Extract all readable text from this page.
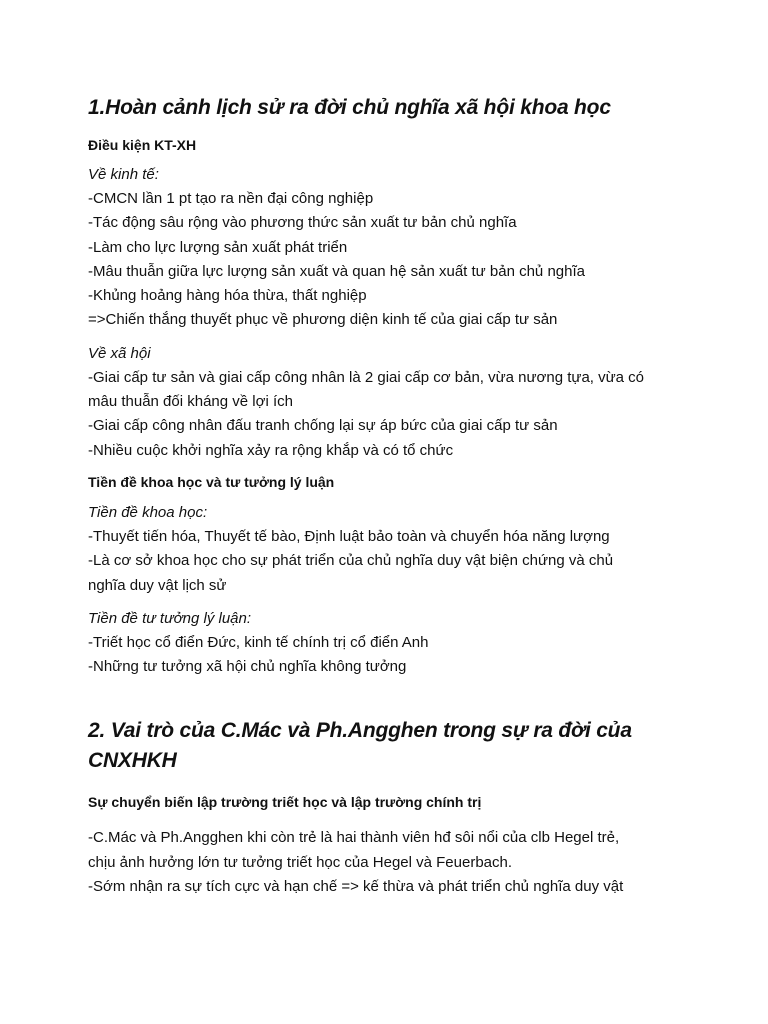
1.Hoàn cảnh lịch sử ra đời chủ nghĩa xã hội khoa học
Điều kiện KT-XH

Về kinh tế:

-CMCN lần 1 pt tạo ra nền đại công nghiệp

-Tác động sâu rộng vào phương thức sản xuất tư bản chủ nghĩa

-Làm cho lực lượng sản xuất phát triển

-Mâu thuẫn giữa lực lượng sản xuất và quan hệ sản xuất tư bản chủ nghĩa

-Khủng hoảng hàng hóa thừa, thất nghiệp

=>Chiến thắng thuyết phục về phương diện kinh tế của giai cấp tư sản

Về xã hội

-Giai cấp tư sản và giai cấp công nhân là 2 giai cấp cơ bản, vừa nương tựa, vừa có

mâu thuẫn đối kháng về lợi ích

-Giai cấp công nhân đấu tranh chống lại sự áp bức của giai cấp tư sản

-Nhiều cuộc khởi nghĩa xảy ra rộng khắp và có tổ chức

Tiền đề khoa học và tư tưởng lý luận

Tiền đề khoa học:

-Thuyết tiến hóa, Thuyết tế bào, Định luật bảo toàn và chuyển hóa năng lượng

-Là cơ sở khoa học cho sự phát triển của chủ nghĩa duy vật biện chứng và chủ

nghĩa duy vật lịch sử

Tiền đề tư tưởng lý luận:

-Triết học cổ điển Đức, kinh tế chính trị cổ điển Anh

-Những tư tưởng xã hội chủ nghĩa không tưởng

2. Vai trò của C.Mác và Ph.Angghen trong sự ra đời của
CNXHKH
Sự chuyển biến lập trường triết học và lập trường chính trị

-C.Mác và Ph.Angghen khi còn trẻ là hai thành viên hđ sôi nổi của clb Hegel trẻ,

chịu ảnh hưởng lớn tư tưởng triết học của Hegel và Feuerbach.

-Sớm nhận ra sự tích cực và hạn chế => kế thừa và phát triển chủ nghĩa duy vật
